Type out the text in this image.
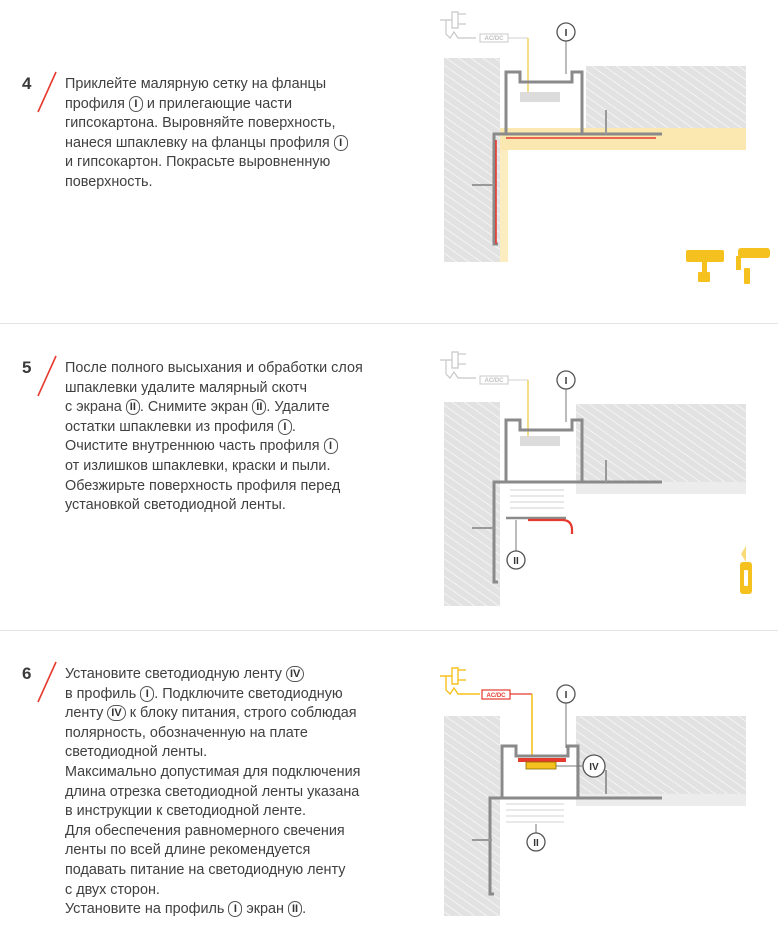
4 Приклейте малярную сетку на фланцы
профиля I и прилегающие части
гипсокартона. Выровняйте поверхность,
нанеся шпаклевку на фланцы профиля I
и гипсокартон. Покрасьте выровненную
поверхность.
AC/DC	I
5 После полного высыхания и обработки слоя
шпаклевки удалите малярный скотч
с экрана II . Снимите экран II . Удалите
остатки шпаклевки из профиля I .
Очистите внутреннюю часть профиля I
от излишков шпаклевки, краски и пыли.
Обезжирьте поверхность профиля перед
установкой светодиодной ленты.
AC/DC	I
II
6 Установите светодиодную ленту IV
в профиль I . Подключите светодиодную
ленту IV к блоку питания, строго соблюдая
полярность, обозначенную на плате
светодиодной ленты.
Максимально допустимая для подключения
длина отрезка светодиодной ленты указана
в инструкции к светодиодной ленте.
Для обеспечения равномерного свечения
ленты по всей длине рекомендуется
подавать питание на светодиодную ленту
с двух сторон.
Установите на профиль I экран II .
AC/DC	I
IV
II
